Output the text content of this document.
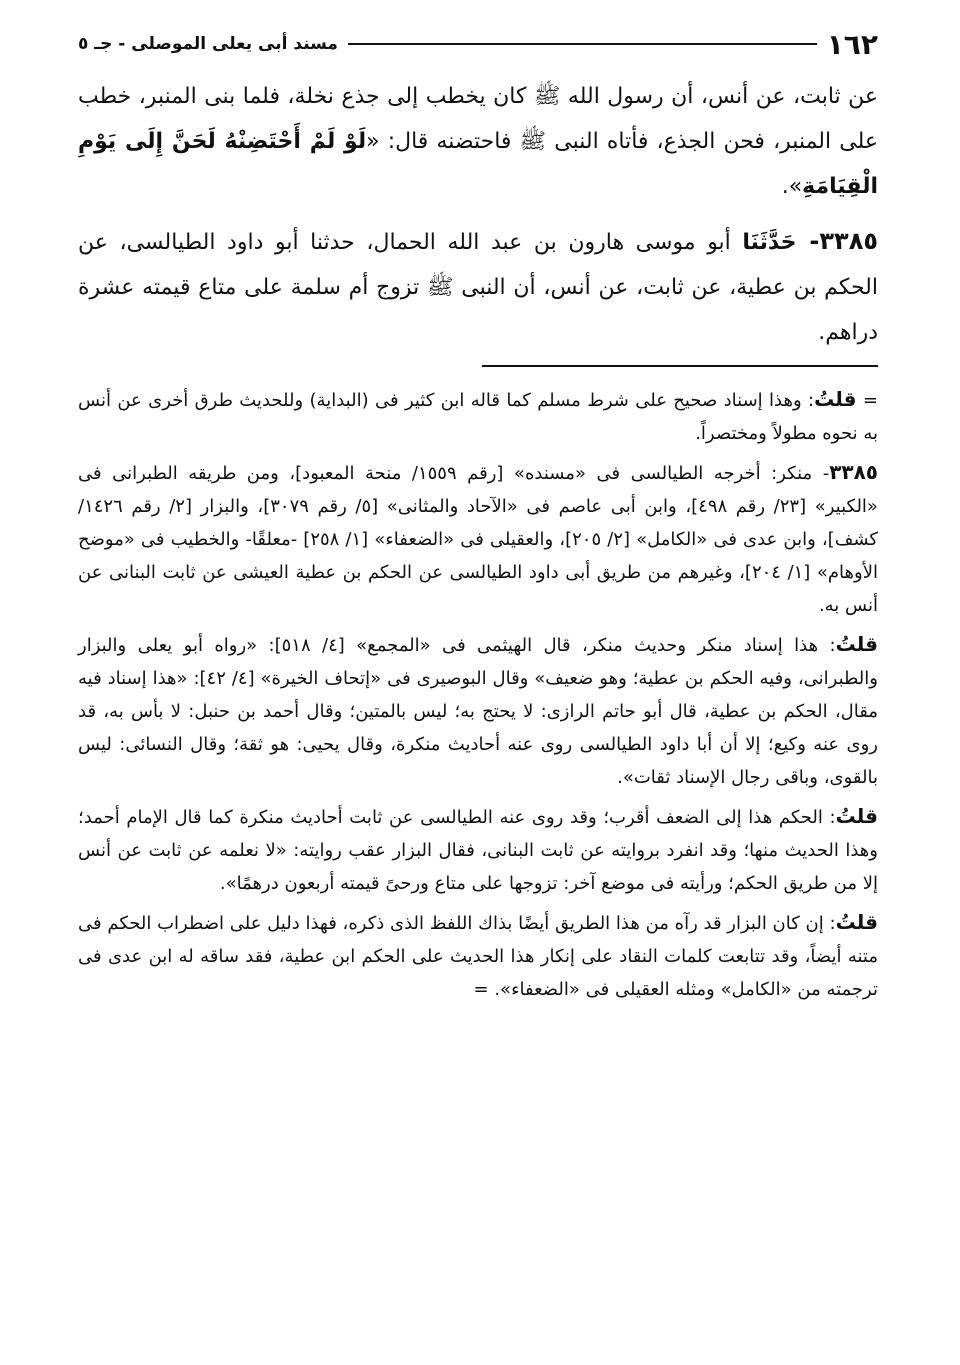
١٦٢
مسند أبى يعلى الموصلى - جـ ٥

عن ثابت، عن أنس، أن رسول الله ﷺ كان يخطب إلى جذع نخلة، فلما بنى المنبر، خطب على المنبر، فحن الجذع، فأتاه النبى ﷺ فاحتضنه قال: «لَوْ لَمْ أَحْتَضِنْهُ لَحَنَّ إِلَى يَوْمِ الْقِيَامَةِ».

٣٣٨٥- حَدَّثَنَا أبو موسى هارون بن عبد الله الحمال، حدثنا أبو داود الطيالسى، عن الحكم بن عطية، عن ثابت، عن أنس، أن النبى ﷺ تزوج أم سلمة على متاع قيمته عشرة دراهم.

= قلتُ: وهذا إسناد صحيح على شرط مسلم كما قاله ابن كثير فى (البداية) وللحديث طرق أخرى عن أنس به نحوه مطولاً ومختصراً.

٣٣٨٥- منكر: أخرجه الطيالسى فى «مسنده» [رقم ١٥٥٩/ منحة المعبود]، ومن طريقه الطبرانى فى «الكبير» [٢٣/ رقم ٤٩٨]، وابن أبى عاصم فى «الآحاد والمثانى» [٥/ رقم ٣٠٧٩]، والبزار [٢/ رقم ١٤٢٦/ كشف]، وابن عدى فى «الكامل» [٢/ ٢٠٥]، والعقيلى فى «الضعفاء» [١/ ٢٥٨] -معلقًا- والخطيب فى «موضح الأوهام» [١/ ٢٠٤]، وغيرهم من طريق أبى داود الطيالسى عن الحكم بن عطية العيشى عن ثابت البنانى عن أنس به.

قلتُ: هذا إسناد منكر وحديث منكر، قال الهيثمى فى «المجمع» [٤/ ٥١٨]: «رواه أبو يعلى والبزار والطبرانى، وفيه الحكم بن عطية؛ وهو ضعيف» وقال البوصيرى فى «إتحاف الخيرة» [٤/ ٤٢]: «هذا إسناد فيه مقال، الحكم بن عطية، قال أبو حاتم الرازى: لا يحتج به؛ ليس بالمتين؛ وقال أحمد بن حنبل: لا بأس به، قد روى عنه وكيع؛ إلا أن أبا داود الطيالسى روى عنه أحاديث منكرة، وقال يحيى: هو ثقة؛ وقال النسائى: ليس بالقوى، وباقى رجال الإسناد ثقات».

قلتُ: الحكم هذا إلى الضعف أقرب؛ وقد روى عنه الطيالسى عن ثابت أحاديث منكرة كما قال الإمام أحمد؛ وهذا الحديث منها؛ وقد انفرد بروايته عن ثابت البنانى، فقال البزار عقب روايته: «لا نعلمه عن ثابت عن أنس إلا من طريق الحكم؛ ورأيته فى موضع آخر: تزوجها على متاع ورحىً قيمته أربعون درهمًا».

قلتُ: إن كان البزار قد رآه من هذا الطريق أيضًا بذاك اللفظ الذى ذكره، فهذا دليل على اضطراب الحكم فى متنه أيضاً، وقد تتابعت كلمات النقاد على إنكار هذا الحديث على الحكم ابن عطية، فقد ساقه له ابن عدى فى ترجمته من «الكامل» ومثله العقيلى فى «الضعفاء». =
